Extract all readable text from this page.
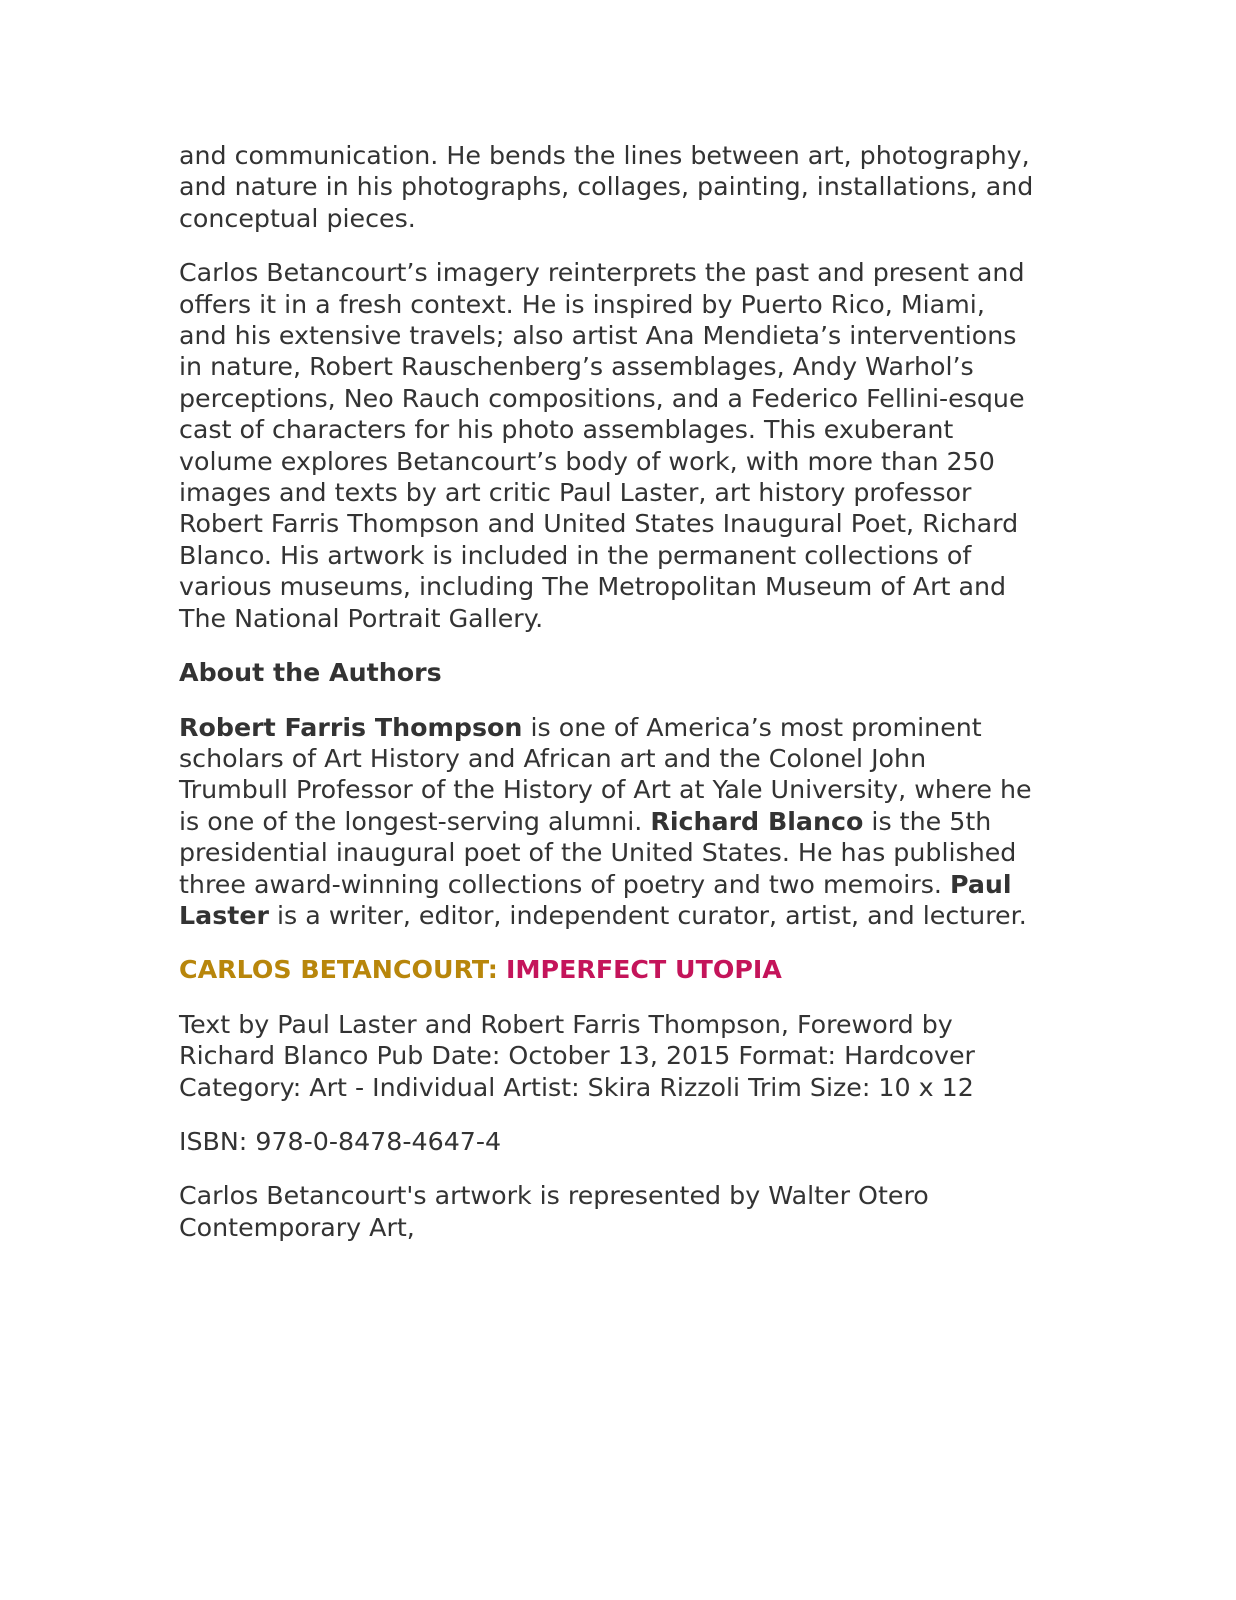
and communication. He bends the lines between art, photography, and nature in his photographs, collages, painting, installations, and conceptual pieces.

Carlos Betancourt’s imagery reinterprets the past and present and offers it in a fresh context. He is inspired by Puerto Rico, Miami, and his extensive travels; also artist Ana Mendieta’s interventions in nature, Robert Rauschenberg’s assemblages, Andy Warhol’s perceptions, Neo Rauch compositions, and a Federico Fellini-esque cast of characters for his photo assemblages. This exuberant volume explores Betancourt’s body of work, with more than 250 images and texts by art critic Paul Laster, art history professor Robert Farris Thompson and United States Inaugural Poet, Richard Blanco. His artwork is included in the permanent collections of various museums, including The Metropolitan Museum of Art and The National Portrait Gallery.

About the Authors

Robert Farris Thompson is one of America’s most prominent scholars of Art History and African art and the Colonel John Trumbull Professor of the History of Art at Yale University, where he is one of the longest-serving alumni. Richard Blanco is the 5th presidential inaugural poet of the United States. He has published three award-winning collections of poetry and two memoirs. Paul Laster is a writer, editor, independent curator, artist, and lecturer.

CARLOS BETANCOURT: IMPERFECT UTOPIA

Text by Paul Laster and Robert Farris Thompson, Foreword by Richard Blanco Pub Date: October 13, 2015 Format: Hardcover Category: Art - Individual Artist: Skira Rizzoli Trim Size: 10 x 12

ISBN: 978-0-8478-4647-4

Carlos Betancourt's artwork is represented by Walter Otero Contemporary Art,
